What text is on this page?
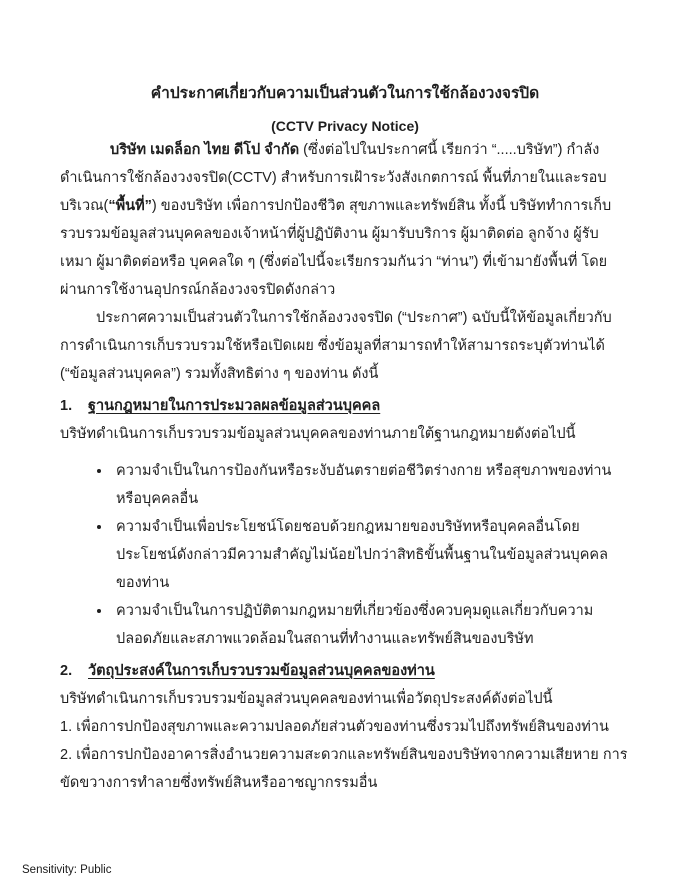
คำประกาศเกี่ยวกับความเป็นส่วนตัวในการใช้กล้องวงจรปิด

(CCTV Privacy Notice)

บริษัท เมดล็อก ไทย ดีโป จำกัด (ซึ่งต่อไปในประกาศนี้ เรียกว่า “.....บริษัท”) กำลังดำเนินการใช้กล้องวงจรปิด(CCTV) สำหรับการเฝ้าระวังสังเกตการณ์ พื้นที่ภายในและรอบบริเวณ(“พื้นที่”) ของบริษัท เพื่อการปกป้องชีวิต สุขภาพและทรัพย์สิน ทั้งนี้ บริษัททำการเก็บรวบรวมข้อมูลส่วนบุคคลของเจ้าหน้าที่ผู้ปฏิบัติงาน ผู้มารับบริการ ผู้มาติดต่อ ลูกจ้าง ผู้รับเหมา ผู้มาติดต่อหรือ บุคคลใด ๆ (ซึ่งต่อไปนี้จะเรียกรวมกันว่า “ท่าน”) ที่เข้ามายังพื้นที่ โดยผ่านการใช้งานอุปกรณ์กล้องวงจรปิดดังกล่าว

ประกาศความเป็นส่วนตัวในการใช้กล้องวงจรปิด (“ประกาศ”) ฉบับนี้ให้ข้อมูลเกี่ยวกับการดำเนินการเก็บรวบรวมใช้หรือเปิดเผย ซึ่งข้อมูลที่สามารถทำให้สามารถระบุตัวท่านได้ (“ข้อมูลส่วนบุคคล”) รวมทั้งสิทธิต่าง ๆ ของท่าน ดังนี้

1. ฐานกฎหมายในการประมวลผลข้อมูลส่วนบุคคล

บริษัทดำเนินการเก็บรวบรวมข้อมูลส่วนบุคคลของท่านภายใต้ฐานกฎหมายดังต่อไปนี้

• ความจำเป็นในการป้องกันหรือระงับอันตรายต่อชีวิตร่างกาย หรือสุขภาพของท่านหรือบุคคลอื่น
• ความจำเป็นเพื่อประโยชน์โดยชอบด้วยกฎหมายของบริษัทหรือบุคคลอื่นโดยประโยชน์ดังกล่าวมีความสำคัญไม่น้อยไปกว่าสิทธิขั้นพื้นฐานในข้อมูลส่วนบุคคลของท่าน
• ความจำเป็นในการปฏิบัติตามกฎหมายที่เกี่ยวข้องซึ่งควบคุมดูแลเกี่ยวกับความปลอดภัยและสภาพแวดล้อมในสถานที่ทำงานและทรัพย์สินของบริษัท

2. วัตถุประสงค์ในการเก็บรวบรวมข้อมูลส่วนบุคคลของท่าน

บริษัทดำเนินการเก็บรวบรวมข้อมูลส่วนบุคคลของท่านเพื่อวัตถุประสงค์ดังต่อไปนี้

1. เพื่อการปกป้องสุขภาพและความปลอดภัยส่วนตัวของท่านซึ่งรวมไปถึงทรัพย์สินของท่าน

2. เพื่อการปกป้องอาคารสิ่งอำนวยความสะดวกและทรัพย์สินของบริษัทจากความเสียหาย การขัดขวางการทำลายซึ่งทรัพย์สินหรืออาชญากรรมอื่น

Sensitivity: Public
